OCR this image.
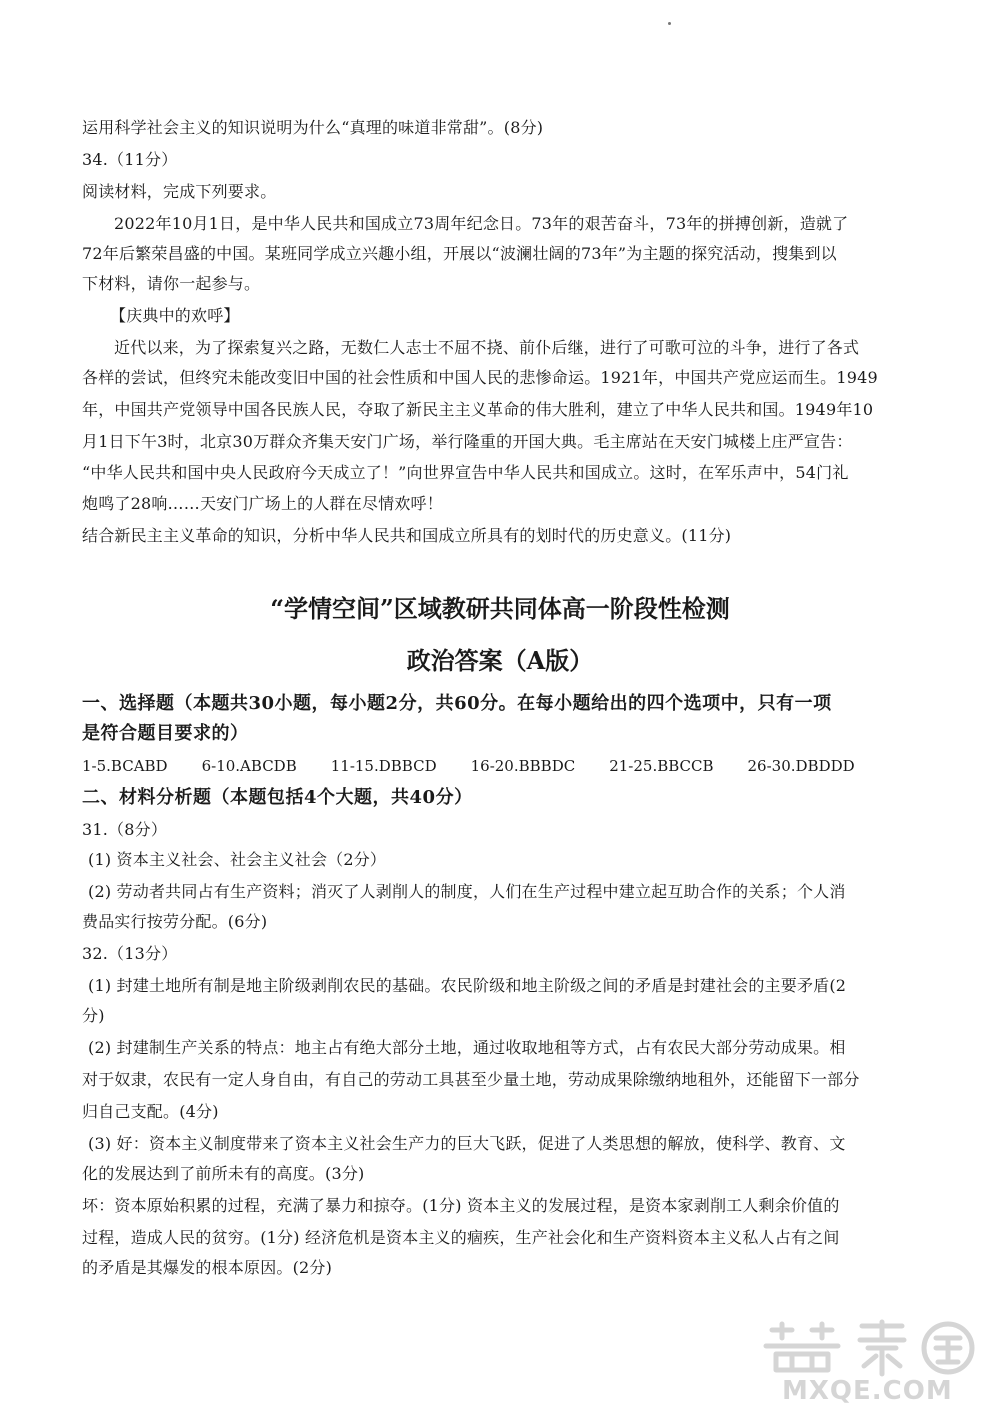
运用科学社会主义的知识说明为什么“真理的味道非常甜”。(8分)
34.（11分）
阅读材料，完成下列要求。
2022年10月1日，是中华人民共和国成立73周年纪念日。73年的艰苦奋斗，73年的拼搏创新，造就了
72年后繁荣昌盛的中国。某班同学成立兴趣小组，开展以“波澜壮阔的73年”为主题的探究活动，搜集到以
下材料，请你一起参与。
【庆典中的欢呼】
近代以来，为了探索复兴之路，无数仁人志士不屈不挠、前仆后继，进行了可歌可泣的斗争，进行了各式
各样的尝试，但终究未能改变旧中国的社会性质和中国人民的悲惨命运。1921年，中国共产党应运而生。1949
年，中国共产党领导中国各民族人民，夺取了新民主主义革命的伟大胜利，建立了中华人民共和国。1949年10
月1日下午3时，北京30万群众齐集天安门广场，举行隆重的开国大典。毛主席站在天安门城楼上庄严宣告：
“中华人民共和国中央人民政府今天成立了！”向世界宣告中华人民共和国成立。这时，在军乐声中，54门礼
炮鸣了28响……天安门广场上的人群在尽情欢呼！
结合新民主主义革命的知识，分析中华人民共和国成立所具有的划时代的历史意义。(11分)
“学情空间”区域教研共同体高一阶段性检测
政治答案（A版）
一、选择题（本题共30小题，每小题2分，共60分。在每小题给出的四个选项中，只有一项
是符合题目要求的）
1-5.BCABD 6-10.ABCDB 11-15.DBBCD 16-20.BBBDC 21-25.BBCCB 26-30.DBDDD
二、材料分析题（本题包括4个大题，共40分）
31.（8分）
(1) 资本主义社会、社会主义社会（2分）
(2) 劳动者共同占有生产资料；消灭了人剥削人的制度，人们在生产过程中建立起互助合作的关系；个人消
费品实行按劳分配。(6分)
32.（13分）
(1) 封建土地所有制是地主阶级剥削农民的基础。农民阶级和地主阶级之间的矛盾是封建社会的主要矛盾(2
分)
(2) 封建制生产关系的特点：地主占有绝大部分土地，通过收取地租等方式，占有农民大部分劳动成果。相
对于奴隶，农民有一定人身自由，有自己的劳动工具甚至少量土地，劳动成果除缴纳地租外，还能留下一部分
归自己支配。(4分)
(3) 好：资本主义制度带来了资本主义社会生产力的巨大飞跃，促进了人类思想的解放，使科学、教育、文
化的发展达到了前所未有的高度。(3分)
坏：资本原始积累的过程，充满了暴力和掠夺。(1分) 资本主义的发展过程，是资本家剥削工人剩余价值的
过程，造成人民的贫穷。(1分) 经济危机是资本主义的痼疾，生产社会化和生产资料资本主义私人占有之间
的矛盾是其爆发的根本原因。(2分)
MXQE.COM
